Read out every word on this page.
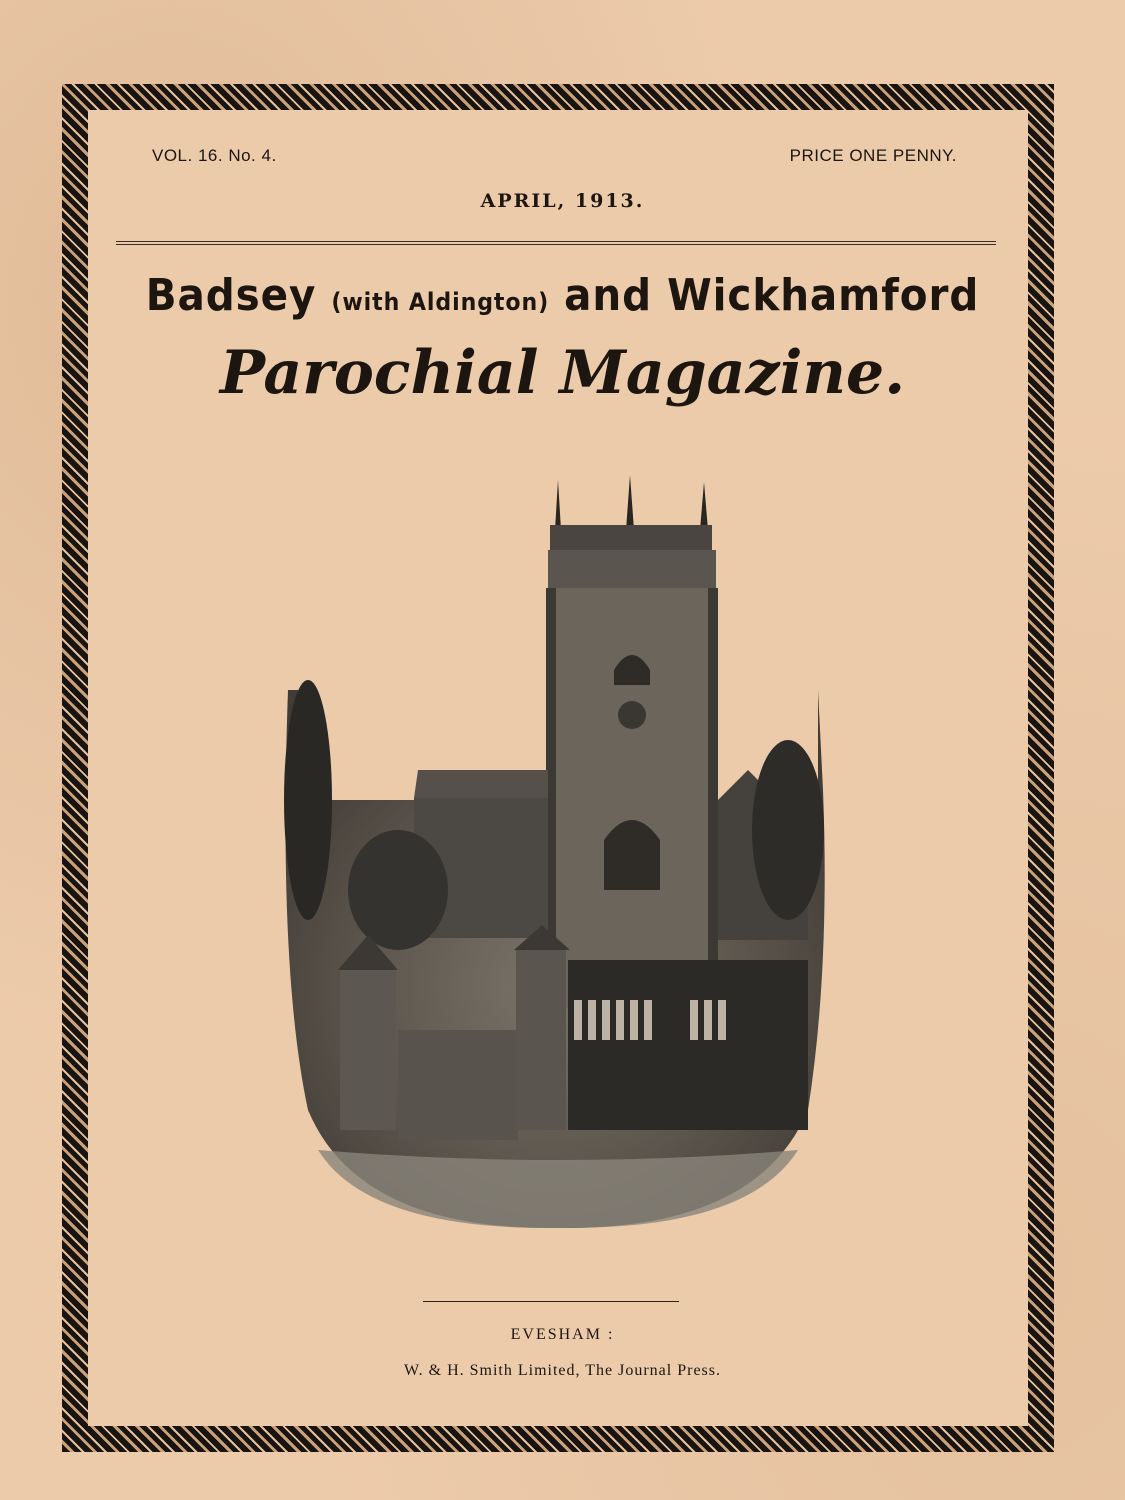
VOL. 16. No. 4.	PRICE ONE PENNY.
APRIL, 1913.
Badsey (with Aldington) and Wickhamford
Parochial Magazine.
EVESHAM :
W. & H. Smith Limited, The Journal Press.
